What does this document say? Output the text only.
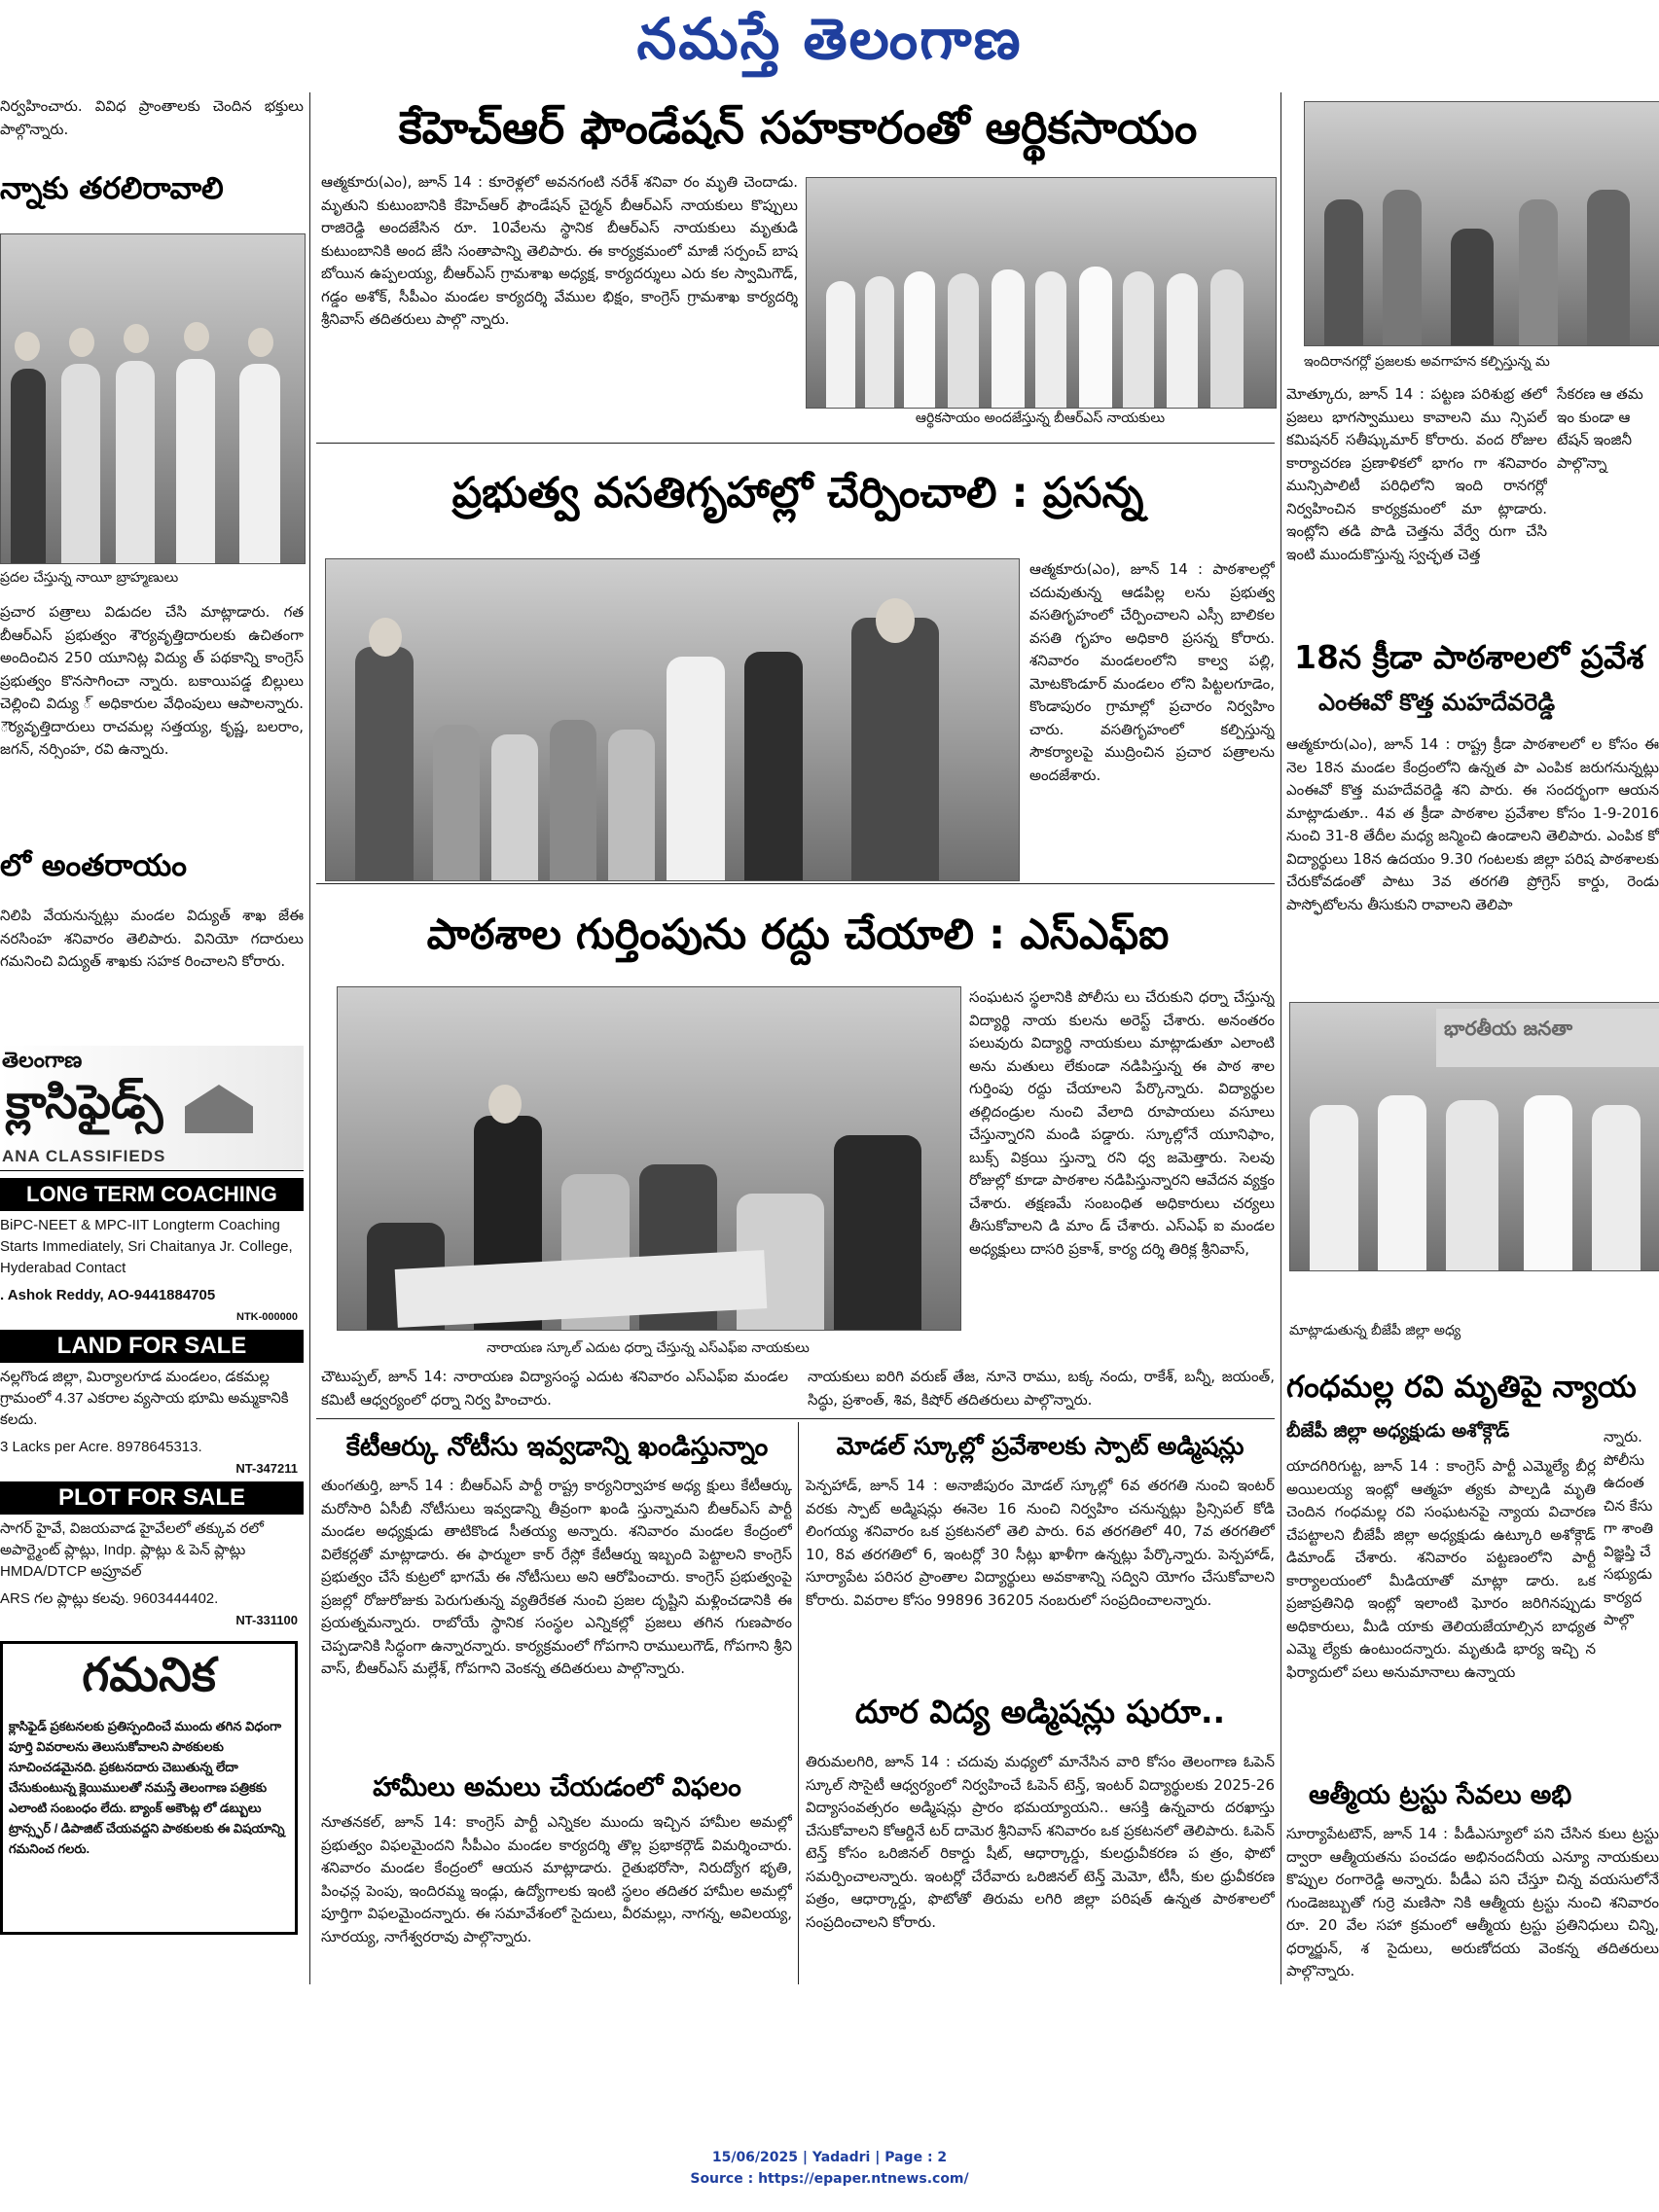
నమస్తే తెలంగాణ
నిర్వహించారు. వివిధ ప్రాంతాలకు చెందిన భక్తులు పాల్గొన్నారు.
న్నాకు తరలిరావాలి
ప్రదల చేస్తున్న నాయీ బ్రాహ్మణులు
ప్రచార పత్రాలు విడుదల చేసి మాట్లాడారు. గత బీఆర్ఎస్ ప్రభుత్వం శౌర్యవృత్తిదారులకు ఉచితంగా అందించిన 250 యూనిట్ల విద్యు త్ పథకాన్ని కాంగ్రెస్ ప్రభుత్వం కొనసాగించా న్నారు. బకాయిపడ్డ బిల్లులు చెల్లించి విద్యు ్ అధికారుల వేధింపులు ఆపాలన్నారు. ౌర్యవృత్తిదారులు రాచమల్ల సత్తయ్య, కృష్ణ, బలరాం, జగన్, నర్సింహ, రవి ఉన్నారు.
లో అంతరాయం
నిలిపి వేయనున్నట్లు మండల విద్యుత్ శాఖ జేఈ నరసింహ శనివారం తెలిపారు. వినియో గదారులు గమనించి విద్యుత్ శాఖకు సహక రించాలని కోరారు.
తెలంగాణ
క్లాసిఫైడ్స్
ANA CLASSIFIEDS
LONG TERM COACHING
BiPC-NEET & MPC-IIT Longterm Coaching Starts Immediately, Sri Chaitanya Jr. College, Hyderabad Contact
. Ashok Reddy, AO-9441884705
NTK-000000
LAND FOR SALE
నల్లగొండ జిల్లా, మిర్యాలగూడ మండలం, డకమల్ల గ్రామంలో 4.37 ఎకరాల వ్యసాయ భూమి అమ్మకానికి కలదు.
3 Lacks per Acre. 8978645313.
NT-347211
PLOT FOR SALE
సాగర్ హైవే, విజయవాడ హైవేలలో తక్కువ రలో అపార్ట్మెంట్ ప్లాట్లు, Indp. ప్లాట్లు & పెన్ ప్లాట్లు HMDA/DTCP అప్రూవల్
ARS గల ప్లాట్లు కలవు. 9603444402.
NT-331100
గమనిక
క్లాసిఫైడ్ ప్రకటనలకు ప్రతిస్పందించే ముందు తగిన విధంగా పూర్తి వివరాలను తెలుసుకోవాలని పాఠకులకు సూచించడమైనది. ప్రకటనదారు చెబుతున్న లేదా చేసుకుంటున్న క్లెయిములతో నమస్తే తెలంగాణ పత్రికకు ఎలాంటి సంబంధం లేదు. బ్యాంక్ అకౌంట్ల లో డబ్బులు ట్రాన్స్ఫర్ / డిపాజిట్ చేయవద్దని పాఠకులకు ఈ విషయాన్ని గమనించ గలరు.
కేహెచ్ఆర్ ఫౌండేషన్ సహకారంతో ఆర్థికసాయం
ఆత్మకూరు(ఎం), జూన్ 14 : కూరెళ్లలో అవనగంటి నరేశ్ శనివా రం మృతి చెందాడు. మృతుని కుటుంబానికి కేహెచ్ఆర్ ఫౌండేషన్ చైర్మన్ బీఆర్ఎస్ నాయకులు కొప్పులు రాజిరెడ్డి అందజేసిన రూ. 10వేలను స్థానిక బీఆర్ఎస్ నాయకులు మృతుడి కుటుంబానికి అంద జేసి సంతాపాన్ని తెలిపారు. ఈ కార్యక్రమంలో మాజీ సర్పంచ్ బాష బోయిన ఉప్పలయ్య, బీఆర్ఎస్ గ్రామశాఖ అధ్యక్ష, కార్యదర్శులు ఎరు కల స్వామిగౌడ్, గడ్డం అశోక్, సీపీఎం మండల కార్యదర్శి వేముల భిక్షం, కాంగ్రెస్ గ్రామశాఖ కార్యదర్శి శ్రీనివాస్ తదితరులు పాల్గొ న్నారు.
ఆర్థికసాయం అందజేస్తున్న బీఆర్ఎస్ నాయకులు
ఇందిరానగర్లో ప్రజలకు అవగాహన కల్పిస్తున్న మ
మోత్కూరు, జూన్ 14 : పట్టణ పరిశుభ్ర తలో ప్రజలు భాగస్వాములు కావాలని ము న్సిపల్ కమిషనర్ సతీష్కుమార్ కోరారు. వంద రోజుల కార్యాచరణ ప్రణాళికలో భాగం గా శనివారం మున్సిపాలిటీ పరిధిలోని ఇంది రానగర్లో నిర్వహించిన కార్యక్రమంలో మా ట్లాడారు. ఇంట్లోని తడి పొడి చెత్తను వేర్వే రుగా చేసి ఇంటి ముందుకొస్తున్న స్వచ్ఛత చెత్త
సేకరణ ఆ తమ ఇం కుండా ఆ టేషన్ ఇంజినీ పాల్గొన్నా
ప్రభుత్వ వసతిగృహాల్లో చేర్పించాలి : ప్రసన్న
ఆత్మకూరు(ఎం), జూన్ 14 : పాఠశాలల్లో చదువుతున్న ఆడపిల్ల లను ప్రభుత్వ వసతిగృహంలో చేర్పించాలని ఎస్సీ బాలికల వసతి గృహం అధికారి ప్రసన్న కోరారు. శనివారం మండలంలోని కాల్వ పల్లి, మోటకొండూర్ మండలం లోని పిట్టలగూడెం, కొండాపురం గ్రామాల్లో ప్రచారం నిర్వహిం చారు. వసతిగృహంలో కల్పిస్తున్న సౌకర్యాలపై ముద్రించిన ప్రచార పత్రాలను అందజేశారు.
18న క్రీడా పాఠశాలలో ప్రవేశ
ఎంఈవో కొత్త మహదేవరెడ్డి
ఆత్మకూరు(ఎం), జూన్ 14 : రాష్ట్ర క్రీడా పాఠశాలలో ల కోసం ఈ నెల 18న మండల కేంద్రంలోని ఉన్నత పా ఎంపిక జరుగనున్నట్లు ఎంఈవో కొత్త మహదేవరెడ్డి శని పారు. ఈ సందర్భంగా ఆయన మాట్లాడుతూ.. 4వ త క్రీడా పాఠశాల ప్రవేశాల కోసం 1-9-2016 నుంచి 31-8 తేదీల మధ్య జన్మించి ఉండాలని తెలిపారు. ఎంపిక కో విద్యార్థులు 18న ఉదయం 9.30 గంటలకు జిల్లా పరిష పాఠశాలకు చేరుకోవడంతో పాటు 3వ తరగతి ప్రోగ్రెస్ కార్డు, రెండు పాస్ఫోటోలను తీసుకుని రావాలని తెలిపా
భారతీయ జనతా
మాట్లాడుతున్న బీజేపీ జిల్లా అధ్య
పాఠశాల గుర్తింపును రద్దు చేయాలి : ఎస్ఎఫ్ఐ
సంఘటన స్థలానికి పోలీసు లు చేరుకుని ధర్నా చేస్తున్న విద్యార్థి నాయ కులను అరెస్ట్ చేశారు. అనంతరం పలువురు విద్యార్థి నాయకులు మాట్లాడుతూ ఎలాంటి అను మతులు లేకుండా నడిపిస్తున్న ఈ పాఠ శాల గుర్తింపు రద్దు చేయాలని పేర్కొన్నారు. విద్యార్థుల తల్లిదండ్రుల నుంచి వేలాది రూపాయలు వసూలు చేస్తున్నారని మండి పడ్డారు. స్కూల్లోనే యూనిఫాం, బుక్స్ విక్రయి స్తున్నా రని ధ్వ జమెత్తారు. సెలవు రోజుల్లో కూడా పాఠశాల నడిపిస్తున్నారని ఆవేదన వ్యక్తం చేశారు. తక్షణమే సంబంధిత అధికారులు చర్యలు తీసుకోవాలని డి మాం డ్ చేశారు. ఎస్ఎఫ్ ఐ మండల అధ్యక్షులు దాసరి ప్రకాశ్, కార్య దర్శి తిరిక్ల శ్రీనివాస్,
నారాయణ స్కూల్ ఎదుట ధర్నా చేస్తున్న ఎస్ఎఫ్ఐ నాయకులు
చౌటుప్పల్, జూన్ 14: నారాయణ విద్యాసంస్థ ఎదుట శనివారం ఎస్ఎఫ్ఐ మండల కమిటీ ఆధ్వర్యంలో ధర్నా నిర్వ హించారు.
నాయకులు ఐరిగి వరుణ్ తేజ, నూనె రాము, బక్క నందు, రాకేశ్, బన్నీ, జయంత్, సిద్ధు, ప్రశాంత్, శివ, కిషోర్ తదితరులు పాల్గొన్నారు.
కేటీఆర్కు నోటీసు ఇవ్వడాన్ని ఖండిస్తున్నాం
తుంగతుర్తి, జూన్ 14 : బీఆర్ఎస్ పార్టీ రాష్ట్ర కార్యనిర్వాహక అధ్య క్షులు కేటీఆర్కు మరోసారి ఏసీబీ నోటీసులు ఇవ్వడాన్ని తీవ్రంగా ఖండి స్తున్నామని బీఆర్ఎస్ పార్టీ మండల అధ్యక్షుడు తాటికొండ సీతయ్య అన్నారు. శనివారం మండల కేంద్రంలో విలేకర్లతో మాట్లాడారు. ఈ ఫార్ములా కార్ రేస్లో కేటీఆర్ను ఇబ్బంది పెట్టాలని కాంగ్రెస్ ప్రభుత్వం చేసే కుట్రలో భాగమే ఈ నోటీసులు అని ఆరోపించారు. కాంగ్రెస్ ప్రభుత్వంపై ప్రజల్లో రోజురోజుకు పెరుగుతున్న వ్యతిరేకత నుంచి ప్రజల దృష్టిని మళ్లించడానికి ఈ ప్రయత్నమన్నారు. రాబోయే స్థానిక సంస్థల ఎన్నికల్లో ప్రజలు తగిన గుణపాఠం చెప్పడానికి సిద్ధంగా ఉన్నారన్నారు. కార్యక్రమంలో గోపగాని రాములుగౌడ్, గోపగాని శ్రీని వాస్, బీఆర్ఎస్ మల్లేశ్, గోపగాని వెంకన్న తదితరులు పాల్గొన్నారు.
హామీలు అమలు చేయడంలో విఫలం
నూతనకల్, జూన్ 14: కాంగ్రెస్ పార్టీ ఎన్నికల ముందు ఇచ్చిన హామీల అమల్లో ప్రభుత్వం విఫలమైందని సీపీఎం మండల కార్యదర్శి తొల్ల ప్రభాకర్గౌడ్ విమర్శించారు. శనివారం మండల కేంద్రంలో ఆయన మాట్లాడారు. రైతుభరోసా, నిరుద్యోగ భృతి, పింఛన్ల పెంపు, ఇందిరమ్మ ఇండ్లు, ఉద్యోగాలకు ఇంటి స్థలం తదితర హామీల అమల్లో పూర్తిగా విఫలమైందన్నారు. ఈ సమావేశంలో సైదులు, వీరమల్లు, నాగన్న, అవిలయ్య, సూరయ్య, నాగేశ్వరరావు పాల్గొన్నారు.
మోడల్ స్కూల్లో ప్రవేశాలకు స్పాట్ అడ్మిషన్లు
పెన్పహాడ్, జూన్ 14 : అనాజీపురం మోడల్ స్కూల్లో 6వ తరగతి నుంచి ఇంటర్ వరకు స్పాట్ అడ్మిషన్లు ఈనెల 16 నుంచి నిర్వహిం చనున్నట్లు ప్రిన్సిపల్ కోడి లింగయ్య శనివారం ఒక ప్రకటనలో తెలి పారు. 6వ తరగతిలో 40, 7వ తరగతిలో 10, 8వ తరగతిలో 6, ఇంటర్లో 30 సీట్లు ఖాళీగా ఉన్నట్లు పేర్కొన్నారు. పెన్పహాడ్, సూర్యాపేట పరిసర ప్రాంతాల విద్యార్థులు అవకాశాన్ని సద్విని యోగం చేసుకోవాలని కోరారు. వివరాల కోసం 99896 36205 నంబరులో సంప్రదించాలన్నారు.
దూర విద్య అడ్మిషన్లు షురూ..
తిరుమలగిరి, జూన్ 14 : చదువు మధ్యలో మానేసిన వారి కోసం తెలంగాణ ఓపెన్ స్కూల్ సొసైటీ ఆధ్వర్యంలో నిర్వహించే ఓపెన్ టెన్త్, ఇంటర్ విద్యార్థులకు 2025-26 విద్యాసంవత్సరం అడ్మిషన్లు ప్రారం భమయ్యాయని.. ఆసక్తి ఉన్నవారు దరఖాస్తు చేసుకోవాలని కోఆర్డినే టర్ దామెర శ్రీనివాస్ శనివారం ఒక ప్రకటనలో తెలిపారు. ఓపెన్ టెన్త్ కోసం ఒరిజినల్ రికార్డు షీట్, ఆధార్కార్డు, కులధ్రువీకరణ ప త్రం, ఫొటో సమర్పించాలన్నారు. ఇంటర్లో చేరేవారు ఒరిజినల్ టెన్త్ మెమో, టీసీ, కుల ధ్రువీకరణ పత్రం, ఆధార్కార్డు, ఫొటోతో తిరుమ లగిరి జిల్లా పరిషత్ ఉన్నత పాఠశాలలో సంప్రదించాలని కోరారు.
గంధమల్ల రవి మృతిపై న్యాయ
బీజేపీ జిల్లా అధ్యక్షుడు అశోక్గౌడ్
యాదగిరిగుట్ట, జూన్ 14 : కాంగ్రెస్ పార్టీ ఎమ్మెల్యే బీర్ల అయిలయ్య ఇంట్లో ఆత్మహ త్యకు పాల్పడి మృతి చెందిన గంధమల్ల రవి సంఘటనపై న్యాయ విచారణ చేపట్టాలని బీజేపీ జిల్లా అధ్యక్షుడు ఉట్కూరి అశోక్గౌడ్ డిమాండ్ చేశారు. శనివారం పట్టణంలోని పార్టీ కార్యాలయంలో మీడియాతో మాట్లా డారు. ఒక ప్రజాప్రతినిధి ఇంట్లో ఇలాంటి ఘోరం జరిగినప్పుడు అధికారులు, మీడి యాకు తెలియజేయాల్సిన బాధ్యత ఎమ్మె ల్యేకు ఉంటుందన్నారు. మృతుడి భార్య ఇచ్చి న ఫిర్యాదులో పలు అనుమానాలు ఉన్నాయ
న్నారు. పోలీసు ఉదంత చిన కేసు గా శాంతి విజ్ఞప్తి చే సభ్యుడు కార్యద పాల్గొ
ఆత్మీయ ట్రస్టు సేవలు అభి
సూర్యాపేటటౌన్, జూన్ 14 : పీడీఎస్యూలో పని చేసిన కులు ట్రస్టు ద్వారా ఆత్మీయతను పంచడం అభినందనీయ ఎన్యూ నాయకులు కొప్పుల రంగారెడ్డి అన్నారు. పీడీఎ పని చేస్తూ చిన్న వయసులోనే గుండెజబ్బుతో గుర్రె మణిసా నికి ఆత్మీయ ట్రస్టు నుంచి శనివారం రూ. 20 వేల సహా క్రమంలో ఆత్మీయ ట్రస్టు ప్రతినిధులు చిన్ని, ధర్మార్జున్, శ సైదులు, అరుణోదయ వెంకన్న తదితరులు పాల్గొన్నారు.
15/06/2025 | Yadadri | Page : 2
Source : https://epaper.ntnews.com/
